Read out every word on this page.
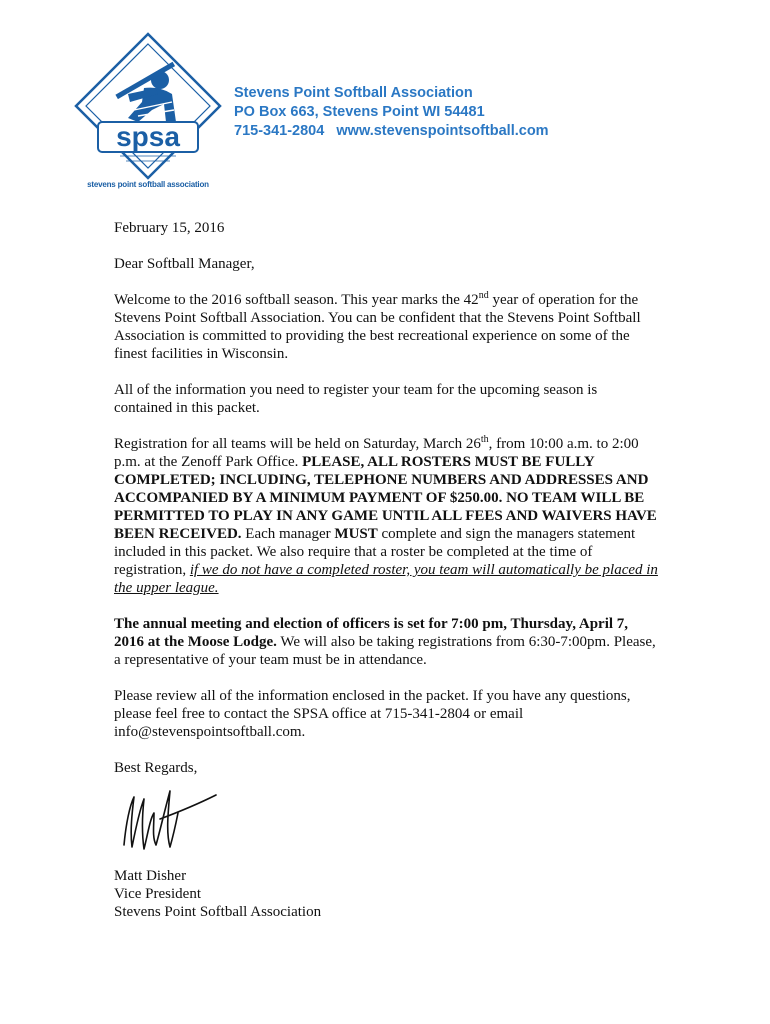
spsa
stevens point softball association
Stevens Point Softball Association
PO Box 663, Stevens Point WI 54481
715-341-2804 www.stevenspointsoftball.com

February 15, 2016

Dear Softball Manager,

Welcome to the 2016 softball season. This year marks the 42nd year of operation for the Stevens Point Softball Association. You can be confident that the Stevens Point Softball Association is committed to providing the best recreational experience on some of the finest facilities in Wisconsin.

All of the information you need to register your team for the upcoming season is contained in this packet.

Registration for all teams will be held on Saturday, March 26th, from 10:00 a.m. to 2:00 p.m. at the Zenoff Park Office. PLEASE, ALL ROSTERS MUST BE FULLY COMPLETED; INCLUDING, TELEPHONE NUMBERS AND ADDRESSES AND ACCOMPANIED BY A MINIMUM PAYMENT OF $250.00. NO TEAM WILL BE PERMITTED TO PLAY IN ANY GAME UNTIL ALL FEES AND WAIVERS HAVE BEEN RECEIVED. Each manager MUST complete and sign the managers statement included in this packet. We also require that a roster be completed at the time of registration, if we do not have a completed roster, you team will automatically be placed in the upper league.

The annual meeting and election of officers is set for 7:00 pm, Thursday, April 7, 2016 at the Moose Lodge. We will also be taking registrations from 6:30-7:00pm. Please, a representative of your team must be in attendance.

Please review all of the information enclosed in the packet. If you have any questions, please feel free to contact the SPSA office at 715-341-2804 or email info@stevenspointsoftball.com.

Best Regards,

Matt Disher

Vice President

Stevens Point Softball Association
